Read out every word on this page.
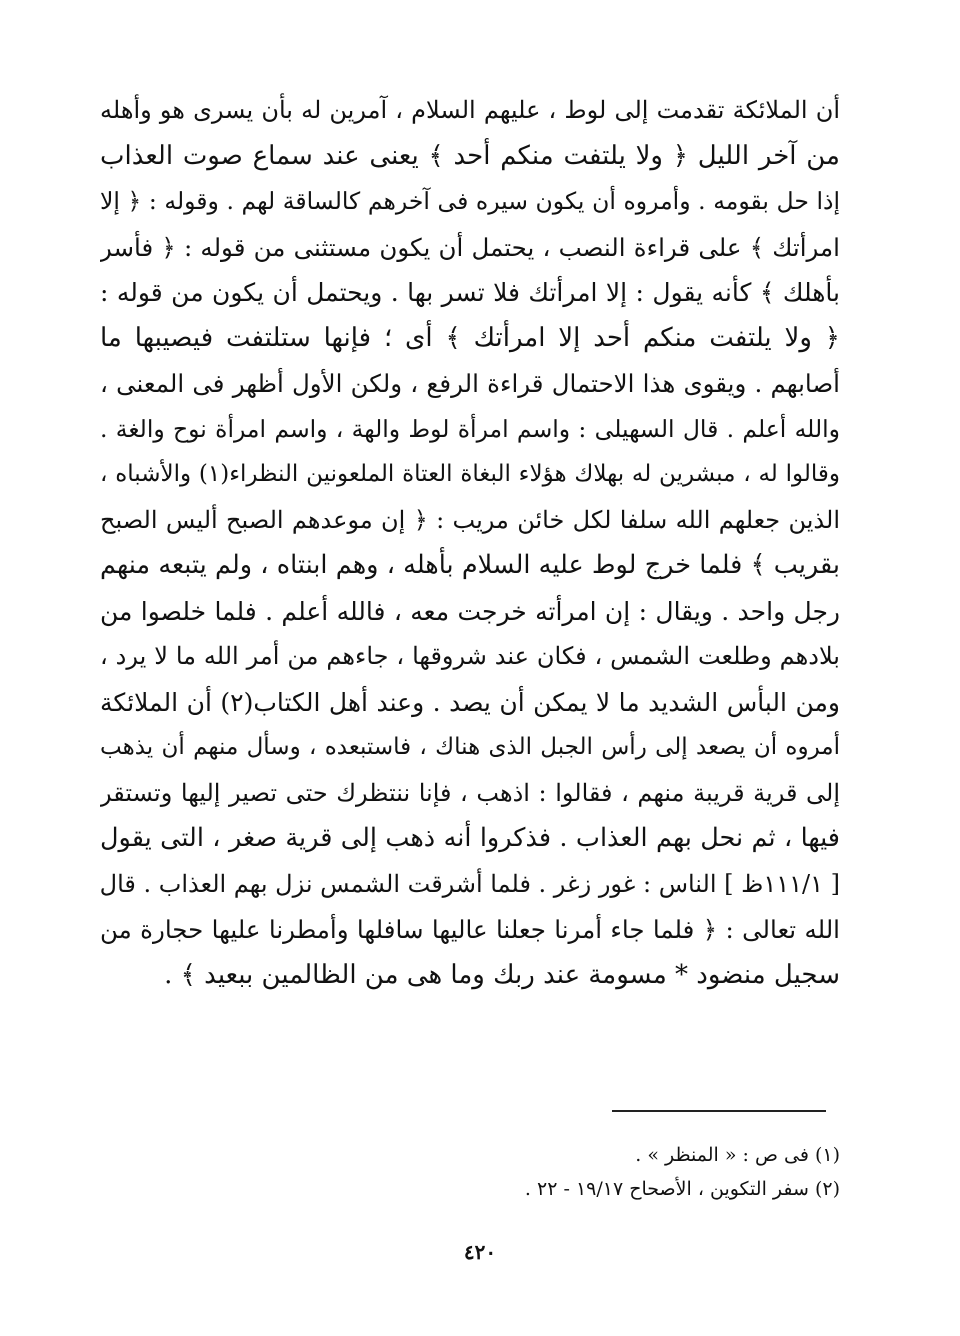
أن الملائكة تقدمت إلى لوط ، عليهم السلام ، آمرين له بأن يسرى هو وأهله
من آخر الليل ﴿ ولا يلتفت منكم أحد ﴾ يعنى عند سماع صوت العذاب
إذا حل بقومه . وأمروه أن يكون سيره فى آخرهم كالساقة لهم . وقوله : ﴿ إلا
امرأتك ﴾ على قراءة النصب ، يحتمل أن يكون مستثنى من قوله : ﴿ فأسر
بأهلك ﴾ كأنه يقول : إلا امرأتك فلا تسر بها . ويحتمل أن يكون من قوله :
﴿ ولا يلتفت منكم أحد إلا امرأتك ﴾ أى ؛ فإنها ستلتفت فيصيبها ما
أصابهم . ويقوى هذا الاحتمال قراءة الرفع ، ولكن الأول أظهر فى المعنى ،
والله أعلم . قال السهيلى : واسم امرأة لوط والهة ، واسم امرأة نوح والغة .
وقالوا له ، مبشرين له بهلاك هؤلاء البغاة العتاة الملعونين النظراء(١) والأشباه ،
الذين جعلهم الله سلفا لكل خائن مريب : ﴿ إن موعدهم الصبح أليس الصبح
بقريب ﴾ فلما خرج لوط عليه السلام بأهله ، وهم ابنتاه ، ولم يتبعه منهم
رجل واحد . ويقال : إن امرأته خرجت معه ، فالله أعلم . فلما خلصوا من
بلادهم وطلعت الشمس ، فكان عند شروقها ، جاءهم من أمر الله ما لا يرد ،
ومن البأس الشديد ما لا يمكن أن يصد . وعند أهل الكتاب(٢) أن الملائكة
أمروه أن يصعد إلى رأس الجبل الذى هناك ، فاستبعده ، وسأل منهم أن يذهب
إلى قرية قريبة منهم ، فقالوا : اذهب ، فإنا ننتظرك حتى تصير إليها وتستقر
فيها ، ثم نحل بهم العذاب . فذكروا أنه ذهب إلى قرية صغر ، التى يقول
[ ١١١/١ظ ] الناس : غور زغر . فلما أشرقت الشمس نزل بهم العذاب . قال
الله تعالى : ﴿ فلما جاء أمرنا جعلنا عاليها سافلها وأمطرنا عليها حجارة من
سجيل منضود * مسومة عند ربك وما هى من الظالمين ببعيد ﴾ .
(١) فى ص : « المنظر » .
(٢) سفر التكوين ، الأصحاح ١٩/١٧ - ٢٢ .
٤٢٠
